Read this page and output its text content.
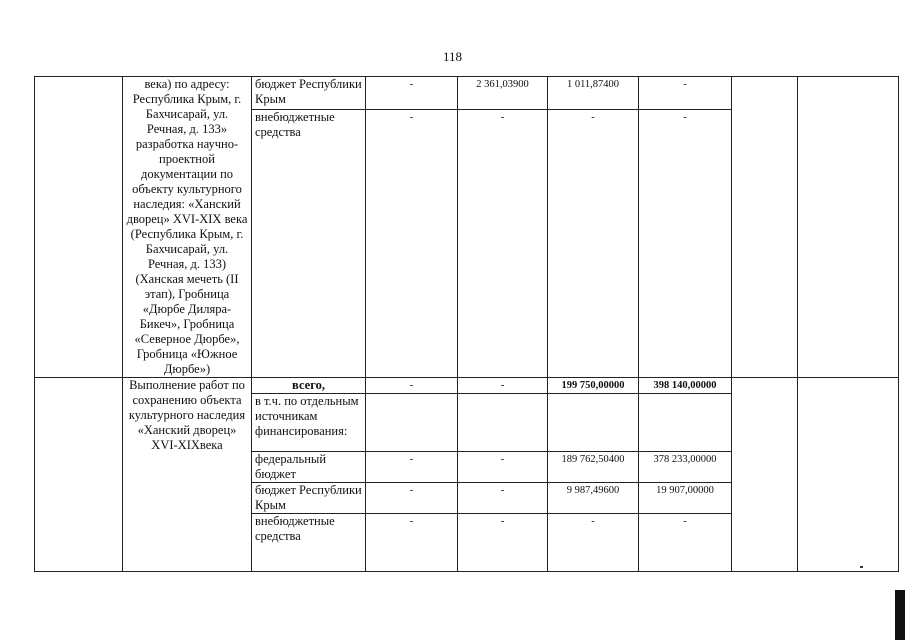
118
	века) по адресу: Республика Крым, г. Бахчисарай, ул. Речная, д. 133» разработка научно-проектной документации по объекту культурного наследия: «Ханский дворец» XVI-XIX века (Республика Крым, г. Бахчисарай, ул. Речная, д. 133) (Ханская мечеть (II этап), Гробница «Дюрбе Диляра-Бикеч», Гробница «Северное Дюрбе», Гробница «Южное Дюрбе»)	бюджет Республики Крым	-	2 361,03900	1 011,87400	-		
		внебюджетные средства	-	-	-	-		
	Выполнение работ по сохранению объекта культурного наследия «Ханский дворец» XVI-XIXвека	всего,	-	-	199 750,00000	398 140,00000		
		в т.ч. по отдельным источникам финансирования:						
		федеральный бюджет	-	-	189 762,50400	378 233,00000		
		бюджет Республики Крым	-	-	9 987,49600	19 907,00000		
		внебюджетные средства	-	-	-	-		
